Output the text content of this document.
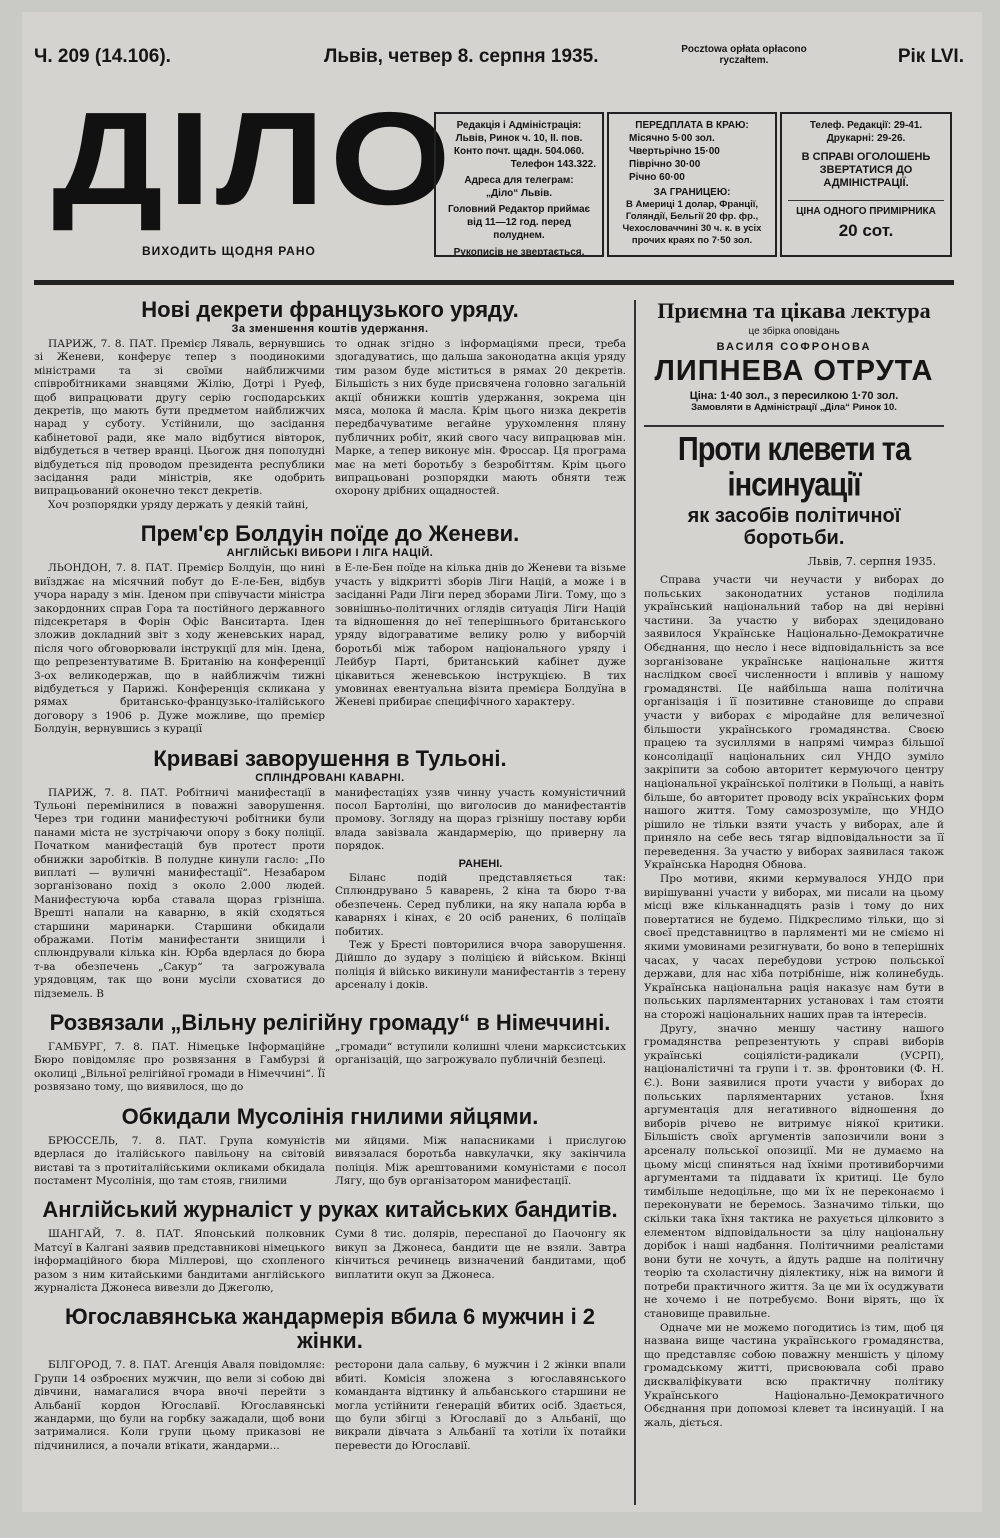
Ч. 209 (14.106).	Львів, четвер 8. серпня 1935.	Pocztowa opłata opłacono ryczałtem.	Рік LVI.
ДІЛО
ВИХОДИТЬ ЩОДНЯ РАНО

Редакція і Адміністрація:

Львів, Ринок ч. 10, II. пов.

Конто почт. щадн. 504.060.

Телефон 143.322.

Адреса для телеграм:

„Діло“ Львів.

Головний Редактор приймає від 11—12 год. перед полуднем.

Рукописів не звертається.

ПЕРЕДПЛАТА В КРАЮ:

Місячно 5·00 зол.

Чвертьрічно 15·00

Піврічно 30·00

Річно 60·00

ЗА ГРАНИЦЕЮ:

В Америці 1 долар, Франції, Голяндії, Бельгії 20 фр. фр., Чехословаччині 30 ч. к. в усіх прочих краях по 7·50 зол.

Телеф. Редакції: 29-41.

Друкарні: 29-26.

В СПРАВІ ОГОЛОШЕНЬ ЗВЕРТАТИСЯ ДО АДМІНІСТРАЦІЇ.

ЦІНА ОДНОГО ПРИМІРНИКА

20 сот.

Нові декрети французького уряду.
За зменшення коштів удержання.

ПАРИЖ, 7. 8. ПАТ. Премієр Ляваль, вернувшись зі Женеви, конферує тепер з поодинокими міністрами та зі своїми найближчими співробітниками знавцями Жілію, Дотрі і Руеф, щоб випрацювати другу серію господарських декретів, що мають бути предметом найближчих нарад у суботу. Устійнили, що засідання кабінетової ради, яке мало відбутися вівторок, відбудеться в четвер вранці. Цьогож дня пополудні відбудеться під проводом президента республики засідання ради міністрів, яке одобрить випрацьований оконечно текст декретів.

Хоч розпорядки уряду держать у деякій тайні,

то однак згідно з інформаціями преси, треба здогадуватись, що дальша законодатна акція уряду тим разом буде міститься в рямах 20 декретів. Більшість з них буде присвячена головно загальній акції обнижки коштів удержання, зокрема цін мяса, молока й масла. Крім цього низка декретів передбачуватиме вегайне урухомлення пляну публичних робіт, який свого часу випрацював мін. Марке, а тепер виконує мін. Фроссар. Ця програма має на меті боротьбу з безробіттям. Крім цього випрацьовані розпорядки мають обняти теж охорону дрібних ощадностей.

Прем'єр Болдуін поїде до Женеви.
АНГЛІЙСЬКІ ВИБОРИ І ЛІГА НАЦІЙ.

ЛЬОНДОН, 7. 8. ПАТ. Премієр Болдуін, що нині виїзджає на місячний побут до Е-ле-Бен, відбув учора нараду з мін. Іденом при співучасти міністра закордонних справ Гора та постійного державного підсекретаря в Форін Офіс Ванситарта. Іден зложив докладний звіт з ходу женевських нарад, після чого обговорювали інструкції для мін. Ідена, що репрезентуватиме В. Британію на конференції 3-ох великодержав, що в найближчім тижні відбудеться у Парижі. Конференція скликана у рямах британсько-французько-італійського договору з 1906 р. Дуже можливе, що премієр Болдуін, вернувшись з курації

в Е-ле-Бен поїде на кілька днів до Женеви та візьме участь у відкритті зборів Ліги Націй, а може і в засіданні Ради Ліги перед зборами Ліги. Тому, що з зовнішньо-політичних оглядів ситуація Ліги Націй та відношення до неї теперішнього британського уряду відограватиме велику ролю у виборчій боротьбі між табором національного уряду і Лейбур Парті, британський кабінет дуже цікавиться женевською інструкцією. В тих умовинах евентуальна візита премієра Болдуїна в Женеві прибирає специфічного характеру.

Криваві заворушення в Тульоні.
СПЛІНДРОВАНІ КАВАРНІ.

ПАРИЖ, 7. 8. ПАТ. Робітничі манифестації в Тульоні перемінилися в поважні заворушення. Через три години манифестуючі робітники були панами міста не зустрічаючи опору з боку поліції. Початком манифестацій був протест проти обнижки заробітків. В полудне кинули гасло: „По виплаті — вуличні манифестації“. Незабаром зорганізовано похід з около 2.000 людей. Манифестуюча юрба ставала щораз грізніша. Врешті напали на каварню, в якій сходяться старшини маринарки. Старшини обкидали ображами. Потім манифестанти знищили і сплюндрували кілька кін. Юрба вдерлася до бюра т-ва обезпечень „Сакур“ та загрожувала урядовцям, так що вони мусіли сховатися до підземель. В

манифестаціях узяв чинну участь комуністичний посол Бартоліні, що виголосив до манифестантів промову. Зогляду на щораз грізнішу поставу юрби влада завізвала жандармерію, що приверну ла порядок.

РАНЕНІ.

Біланс подій представляється так: Сплюндрувано 5 каварень, 2 кіна та бюро т-ва обезпечень. Серед публики, на яку напала юрба в каварнях і кінах, є 20 осіб ранених, 6 поліцаїв побитих.

Теж у Бресті повторилися вчора заворушення. Дійшло до зудару з поліцією й військом. Вкінці поліція й військо викинули манифестантів з терену арсеналу і доків.

Розвязали „Вільну релігійну громаду“ в Німеччині.

ГАМБУРГ, 7. 8. ПАТ. Німецьке Інформаційне Бюро повідомляє про розвязання в Гамбурзі й околиці „Вільної релігійної громади в Німеччині“. Її розвязано тому, що виявилося, що до

„громади“ вступили колишні члени марксистських організацій, що загрожувало публичній безпеці.

Обкидали Мусолінія гнилими яйцями.

БРЮССЕЛЬ, 7. 8. ПАТ. Група комуністів вдерлася до італійського павільону на світовій виставі та з протиіталійськими окликами обкидала постамент Мусолінія, що там стояв, гнилими

ми яйцями. Між напасниками і прислугою вивязалася боротьба навкулачки, яку закінчила поліція. Між арештованими комуністами є посол Лягу, що був організатором манифестації.

Англійський журналіст у руках китайських бандитів.

ШАНГАЙ, 7. 8. ПАТ. Японський полковник Матсуї в Калгані заявив представникові німецького інформаційного бюра Міллерові, що схопленого разом з ним китайськими бандитами англійського журналіста Джонеса вивезли до Джеголю,

Суми 8 тис. долярів, переспаної до Паочонгу як викуп за Джонеса, бандити ще не взяли. Завтра кінчиться речинець визначений бандитами, щоб виплатити окуп за Джонеса.

Югославянська жандармерія вбила 6 мужчин і 2 жінки.

БІЛГОРОД, 7. 8. ПАТ. Агенція Аваля повідомляє: Групи 14 озброєних мужчин, що вели зі собою дві дівчини, намагалися вчора вночі перейти з Альбанії кордон Югославії. Югославянські жандарми, що були на горбку зажадали, щоб вони затрималися. Коли групи цьому приказові не підчинилися, а почали втікати, жандарми...

ресторони дала сальву, 6 мужчин і 2 жінки впали вбиті. Комісія зложена з югославянського команданта відтинку й альбанського старшини не могла устійнити ґенерацій вбитих осіб. Здається, що були збігці з Югославії до з Альбанії, що викрали дівчата з Альбанії та хотіли їх потайки перевести до Югославії.

Приємна та цікава лектура
це збірка оповідань
ВАСИЛЯ СОФРОНОВА
ЛИПНЕВА ОТРУТА
Ціна: 1·40 зол., з пересилкою 1·70 зол.
Замовляти в Адміністрації „Діла“ Ринок 10.
Проти клевети та інсинуації
як засобів політичної боротьби.
Львів, 7. серпня 1935.

Справа участи чи неучасти у виборах до польських законодатних установ поділила український національний табор на дві нерівні частини. За участю у виборах здецидовано заявилося Українське Національно-Демократичне Обєднання, що несло і несе відповідальність за все зорганізоване українське національне життя наслідком своєї численности і впливів у нашому громадянстві. Це найбільша наша політична організація і її позитивне становище до справи участи у виборах є міродайне для величезної більшости українського громадянства. Своєю працею та зусиллями в напрямі чимраз більшої консолідації національних сил УНДО зуміло закріпити за собою авторитет кермуючого центру національної української політики в Польщі, а навіть більше, бо авторитет проводу всіх українських форм нашого життя. Тому самозрозуміле, що УНДО рішило не тільки взяти участь у виборах, але й приняло на себе весь тягар відповідальности за її переведення. За участю у виборах заявилася також Українська Народня Обнова.

Про мотиви, якими кермувалося УНДО при вирішуванні участи у виборах, ми писали на цьому місці вже кільканнадцять разів і тому до них повертатися не будемо. Підкреслимо тільки, що зі своєї представництво в парляменті ми не сміємо ні якими умовинами резигнувати, бо воно в теперішніх часах, у часах перебудови устрою польської держави, для нас хіба потрібніше, ніж колинебудь. Українська національна рація наказує нам бути в польських парляментарних установах і там стояти на сторожі національних наших прав та інтересів.

Другу, значно меншу частину нашого громадянства репрезентують у справі виборів українські соціялісти-радикали (УСРП), націоналістичні та групи і т. зв. фронтовики (Ф. Н. Є.). Вони заявилися проти участи у виборах до польських парляментарних установ. Їхня аргументація для негативного відношення до виборів річево не витримує ніякої критики. Більшість своїх аргументів запозичили вони з арсеналу польської опозиції. Ми не думаємо на цьому місці спиняться над їхніми противиборчими аргументами та піддавати їх критиці. Це було тимбільше недоцільне, що ми їх не переконаємо і переконувати не беремось. Зазначимо тільки, що скільки така їхня тактика не рахується цілковито з елементом відповідальности за цілу національну дорібок і наші надбання. Політичними реалістами вони бути не хочуть, а йдуть радше на політичну теорію та схоластичну діялектику, ніж на вимоги й потреби практичного життя. За це ми їх осуджувати не хочемо і не потребуємо. Вони вірять, що їх становище правильне.

Одначе ми не можемо погодитись із тим, щоб ця названа вище частина українського громадянства, що представляє собою поважну меншість у цілому громадському житті, присвоювала собі право дискваліфікувати всю практичну політику Українського Національно-Демократичного Обєднання при допомозі клевет та інсинуацій. І на жаль, діється.
